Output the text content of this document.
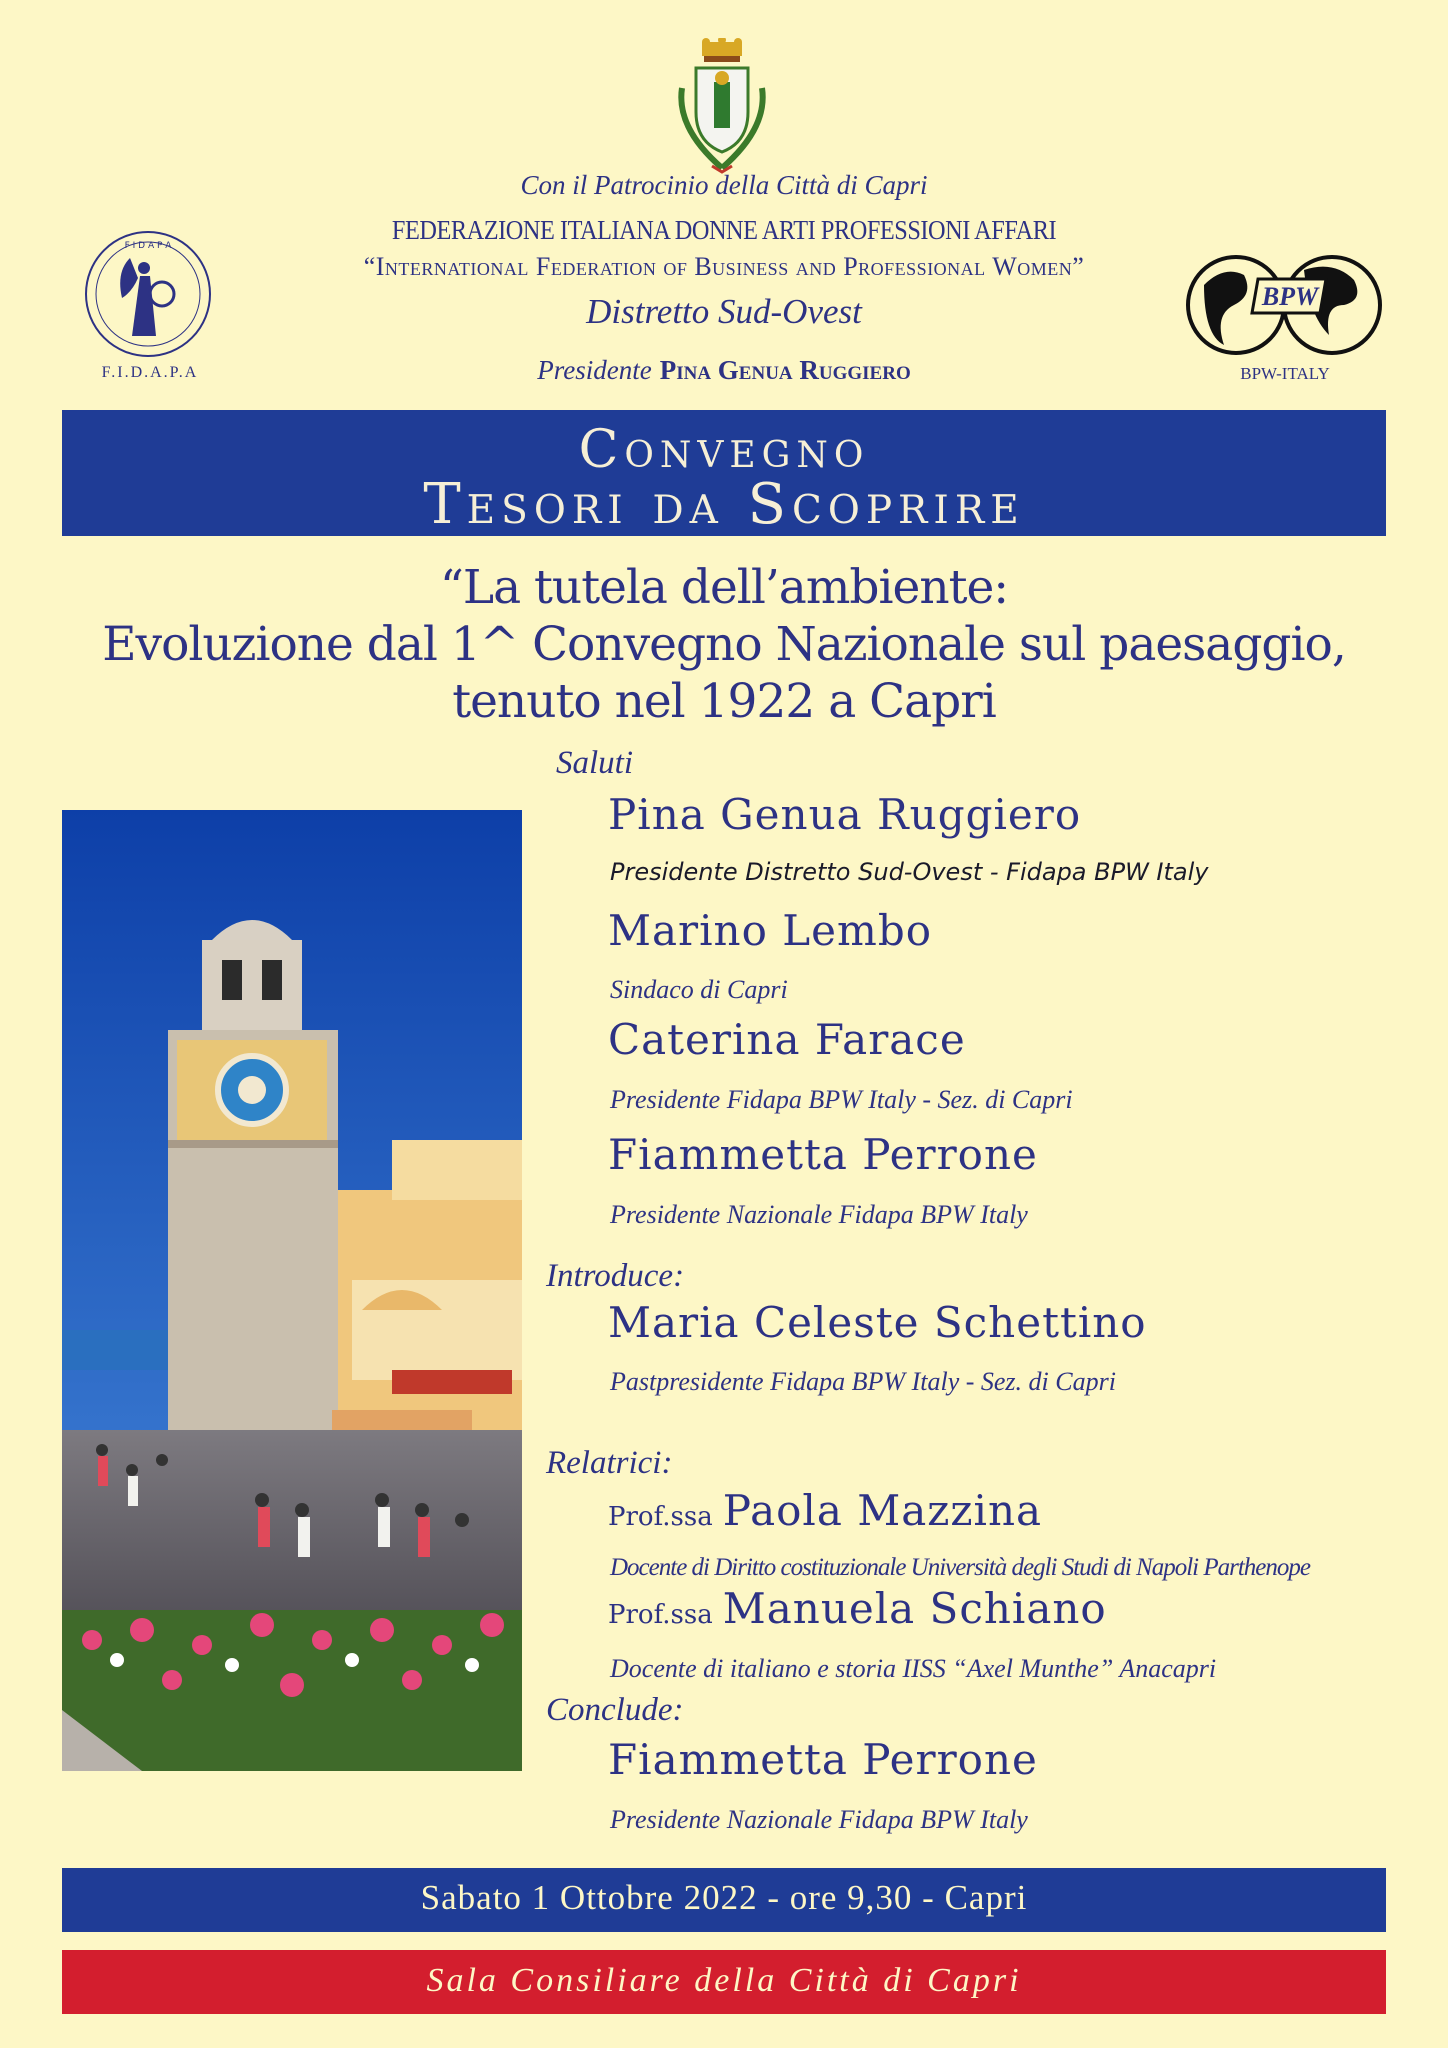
Con il Patrocinio della Città di Capri
FEDERAZIONE ITALIANA DONNE ARTI PROFESSIONI AFFARI
“International Federation of Business and Professional Women”
Distretto Sud-Ovest
Presidente Pina Genua Ruggiero
F I D A P A
F.I.D.A.P.A
BPW
BPW-ITALY
Convegno
Tesori da Scoprire
“La tutela dell’ambiente:
Evoluzione dal 1^ Convegno Nazionale sul paesaggio,
tenuto nel 1922 a Capri
Saluti
Pina Genua Ruggiero
Presidente Distretto Sud-Ovest - Fidapa BPW Italy
Marino Lembo
Sindaco di Capri
Caterina Farace
Presidente Fidapa BPW Italy - Sez. di Capri
Fiammetta Perrone
Presidente Nazionale Fidapa BPW Italy
Introduce:
Maria Celeste Schettino
Pastpresidente Fidapa BPW Italy - Sez. di Capri
Relatrici:
Prof.ssa Paola Mazzina
Docente di Diritto costituzionale Università degli Studi di Napoli Parthenope
Prof.ssa Manuela Schiano
Docente di italiano e storia IISS “Axel Munthe” Anacapri
Conclude:
Fiammetta Perrone
Presidente Nazionale Fidapa BPW Italy
Sabato 1 Ottobre 2022 - ore 9,30 - Capri
Sala Consiliare della Città di Capri
